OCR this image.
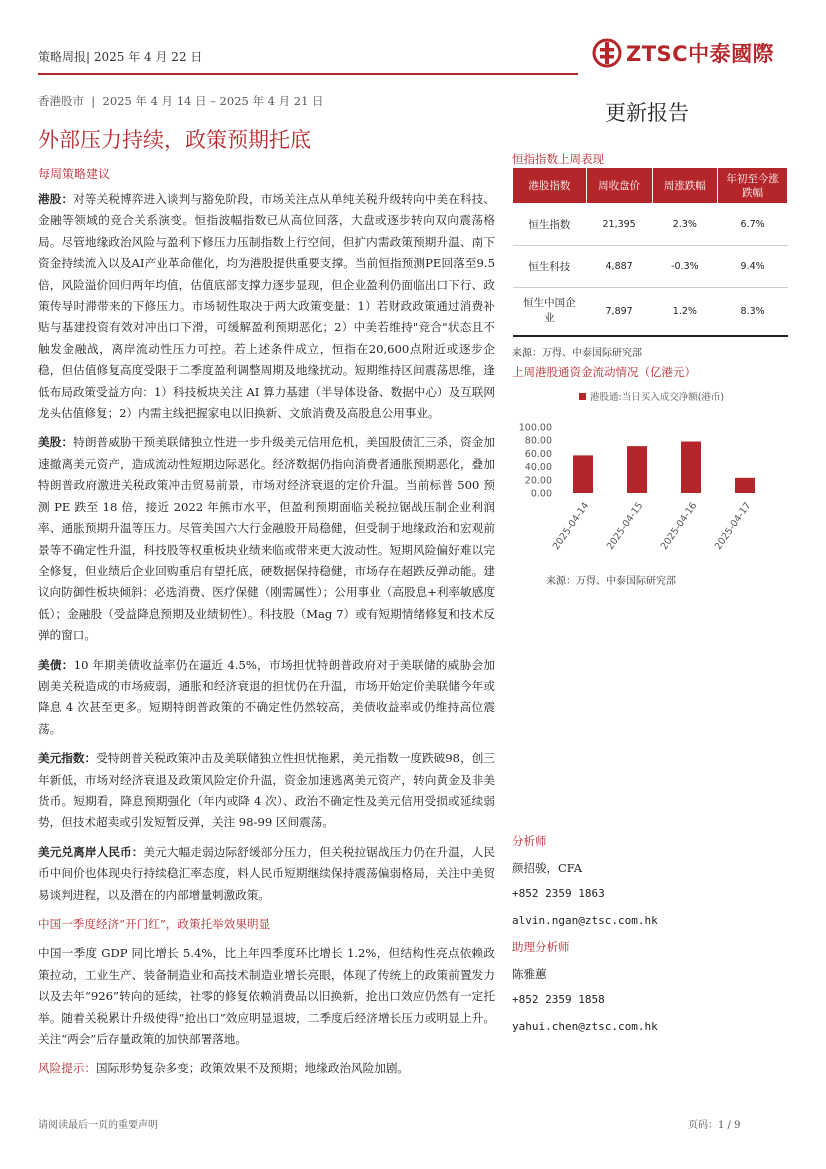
策略周报| 2025 年 4 月 22 日	ZTSC中泰國際
香港股市  |  2025 年 4 月 14 日 – 2025 年 4 月 21 日	更新报告
外部压力持续，政策预期托底
每周策略建议

港股：对等关税博弈进入谈判与豁免阶段，市场关注点从单纯关税升级转向中美在科技、金融等领域的竞合关系演变。恒指波幅指数已从高位回落，大盘或逐步转向双向震荡格局。尽管地缘政治风险与盈利下修压力压制指数上行空间，但扩内需政策预期升温、南下资金持续流入以及AI产业革命催化，均为港股提供重要支撑。当前恒指预测PE回落至9.5倍，风险溢价回归两年均值，估值底部支撑力逐步显现，但企业盈利仍面临出口下行、政策传导时滞带来的下修压力。市场韧性取决于两大政策变量：1）若财政政策通过消费补贴与基建投资有效对冲出口下滑，可缓解盈利预期恶化；2）中美若维持"竞合"状态且不触发金融战，离岸流动性压力可控。若上述条件成立，恒指在20,600点附近或逐步企稳，但估值修复高度受限于二季度盈利调整周期及地缘扰动。短期维持区间震荡思维，逢低布局政策受益方向：1）科技板块关注 AI 算力基建（半导体设备、数据中心）及互联网龙头估值修复；2）内需主线把握家电以旧换新、文旅消费及高股息公用事业。

美股：特朗普威胁干预美联储独立性进一步升级美元信用危机，美国股债汇三杀，资金加速撤离美元资产，造成流动性短期边际恶化。经济数据仍指向消费者通胀预期恶化，叠加特朗普政府激进关税政策冲击贸易前景，市场对经济衰退的定价升温。当前标普 500 预测 PE 跌至 18 倍，接近 2022 年熊市水平，但盈利预期面临关税拉锯战压制企业利润率、通胀预期升温等压力。尽管美国六大行金融股开局稳健，但受制于地缘政治和宏观前景等不确定性升温，科技股等权重板块业绩来临或带来更大波动性。短期风险偏好难以完全修复，但业绩后企业回购重启有望托底，硬数据保持稳健，市场存在超跌反弹动能。建议向防御性板块倾斜：必选消费、医疗保健（刚需属性）；公用事业（高股息+利率敏感度低）；金融股（受益降息预期及业绩韧性）。科技股（Mag 7）或有短期情绪修复和技术反弹的窗口。

美债：10 年期美债收益率仍在逼近 4.5%，市场担忧特朗普政府对于美联储的威胁会加剧美关税造成的市场疲弱，通胀和经济衰退的担忧仍在升温，市场开始定价美联储今年或降息 4 次甚至更多。短期特朗普政策的不确定性仍然较高，美债收益率或仍维持高位震荡。

美元指数：受特朗普关税政策冲击及美联储独立性担忧拖累，美元指数一度跌破98，创三年新低，市场对经济衰退及政策风险定价升温，资金加速逃离美元资产，转向黄金及非美货币。短期看，降息预期强化（年内或降 4 次）、政治不确定性及美元信用受损或延续弱势，但技术超卖或引发短暂反弹，关注 98-99 区间震荡。

美元兑离岸人民币：美元大幅走弱边际舒缓部分压力，但关税拉锯战压力仍在升温，人民币中间价也体现央行持续稳汇率态度，料人民币短期继续保持震荡偏弱格局，关注中美贸易谈判进程，以及潜在的内部增量刺激政策。

中国一季度经济“开门红”，政策托举效果明显

中国一季度 GDP 同比增长 5.4%，比上年四季度环比增长 1.2%，但结构性亮点依赖政策拉动，工业生产、装备制造业和高技术制造业增长亮眼，体现了传统上的政策前置发力以及去年“926”转向的延续，社零的修复依赖消费品以旧换新，抢出口效应仍然有一定托举。随着关税累计升级使得“抢出口”效应明显退坡，二季度后经济增长压力或明显上升。关注“两会”后存量政策的加快部署落地。

风险提示：国际形势复杂多变；政策效果不及预期；地缘政治风险加剧。

恒指指数上周表现
港股指数	周收盘价	周涨跌幅	年初至今涨跌幅
恒生指数	21,395	2.3%	6.7%
恒生科技	4,887	-0.3%	9.4%
恒生中国企业	7,897	1.2%	8.3%
来源：万得、中泰国际研究部
上周港股通资金流动情况（亿港元）
港股通:当日买入成交净额(港币)
100.00
80.00
60.00
40.00
20.00
0.00
2025-04-14 2025-04-15 2025-04-16 2025-04-17
来源：万得、中泰国际研究部
分析师
颜招骏，CFA
+852 2359 1863
alvin.ngan@ztsc.com.hk
助理分析师
陈雅蕙
+852 2359 1858
yahui.chen@ztsc.com.hk
请阅读最后一页的重要声明	页码：1 / 9
